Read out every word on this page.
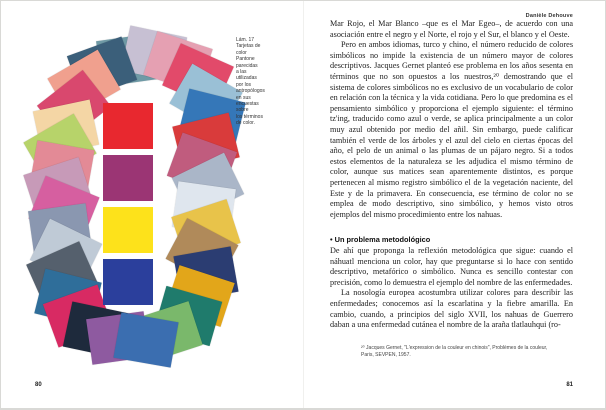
Lám. 17
Tarjetas de
color
Pantone
parecidas
a las
utilizadas
por los
antropólogos
en sus
encuestas
sobre
los términos
de color.
80
Danièle Dehouve

Mar Rojo, el Mar Blanco –que es el Mar Egeo–, de acuerdo con una asociación entre el negro y el Norte, el rojo y el Sur, el blanco y el Oeste.

Pero en ambos idiomas, turco y chino, el número reducido de colores simbólicos no impide la existencia de un número mayor de colores descriptivos. Jacques Gernet planteó ese problema en los años sesenta en términos que no son opuestos a los nuestros,²⁰ demostrando que el sistema de colores simbólicos no es exclusivo de un vocabulario de color en relación con la técnica y la vida cotidiana. Pero lo que predomina es el pensamiento simbólico y proporciona el ejemplo siguiente: el término tz'ing, traducido como azul o verde, se aplica principalmente a un color muy azul obtenido por medio del añil. Sin embargo, puede calificar también el verde de los árboles y el azul del cielo en ciertas épocas del año, el pelo de un animal o las plumas de un pájaro negro. Si a todos estos elementos de la naturaleza se les adjudica el mismo término de color, aunque sus matices sean aparentemente distintos, es porque pertenecen al mismo registro simbólico el de la vegetación naciente, del Este y de la primavera. En consecuencia, ese término de color no se emplea de modo descriptivo, sino simbólico, y hemos visto otros ejemplos del mismo procedimiento entre los nahuas.

• Un problema metodológico

De ahí que proponga la reflexión metodológica que sigue: cuando el náhuatl menciona un color, hay que preguntarse si lo hace con sentido descriptivo, metafórico o simbólico. Nunca es sencillo contestar con precisión, como lo demuestra el ejemplo del nombre de las enfermedades.

La nosología europea acostumbra utilizar colores para describir las enfermedades; conocemos así la escarlatina y la fiebre amarilla. En cambio, cuando, a principios del siglo XVII, los nahuas de Guerrero daban a una enfermedad cutánea el nombre de la araña tlatlauhqui (ro-

²⁰ Jacques Gernet, "L'expression de la couleur en chinois", Problèmes de la couleur, Paris, SEVPEN, 1957.
81
